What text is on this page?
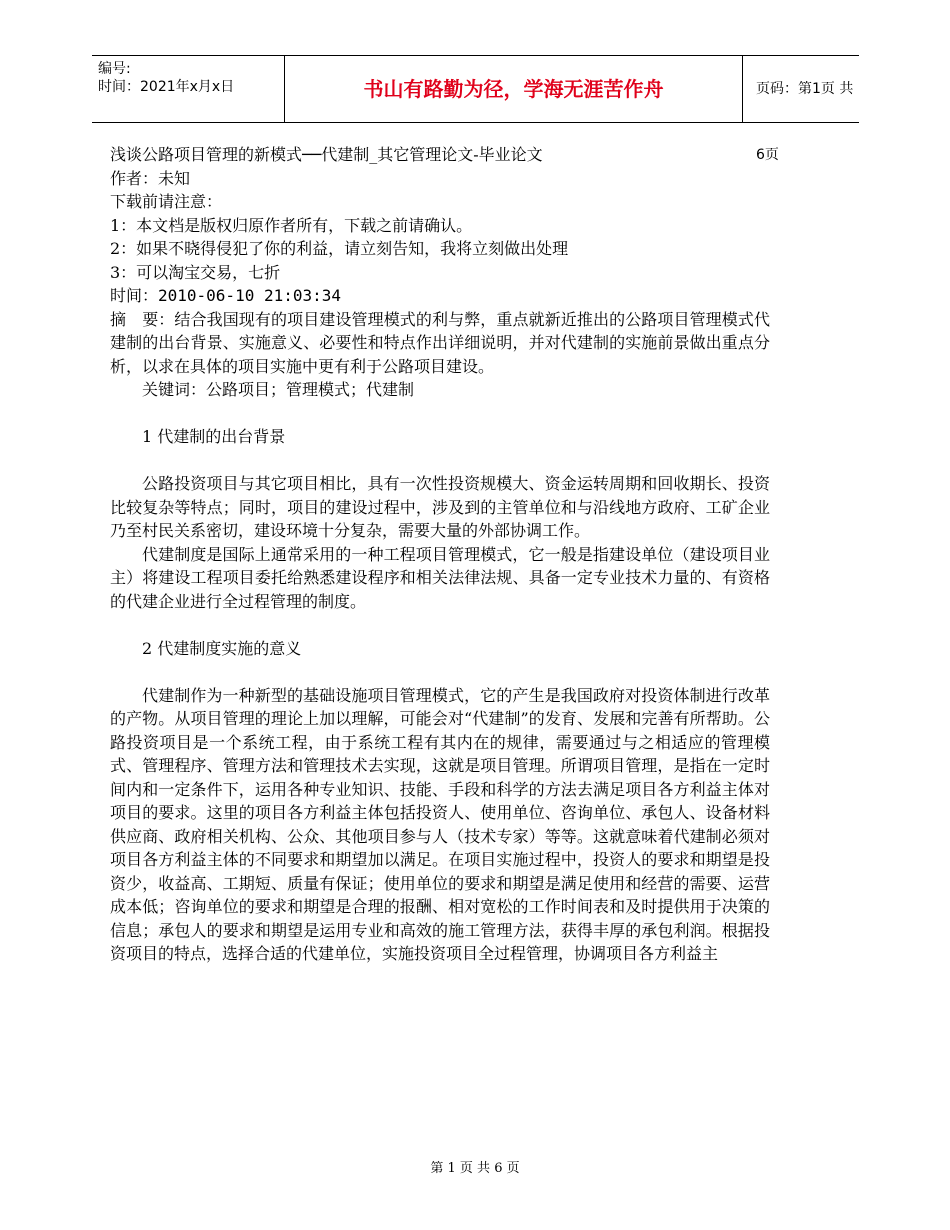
编号:
时间：2021年x月x日	书山有路勤为径，学海无涯苦作舟	页码：第1页 共6页
浅谈公路项目管理的新模式──代建制_其它管理论文-毕业论文
作者：未知
下载前请注意：
1：本文档是版权归原作者所有，下载之前请确认。
2：如果不晓得侵犯了你的利益，请立刻告知，我将立刻做出处理
3：可以淘宝交易，七折
时间：2010-06-10 21:03:34

摘　要：结合我国现有的项目建设管理模式的利与弊，重点就新近推出的公路项目管理模式代建制的出台背景、实施意义、必要性和特点作出详细说明，并对代建制的实施前景做出重点分析，以求在具体的项目实施中更有利于公路项目建设。

关键词：公路项目；管理模式；代建制
1 代建制的出台背景

公路投资项目与其它项目相比，具有一次性投资规模大、资金运转周期和回收期长、投资比较复杂等特点；同时，项目的建设过程中，涉及到的主管单位和与沿线地方政府、工矿企业乃至村民关系密切，建设环境十分复杂，需要大量的外部协调工作。

代建制度是国际上通常采用的一种工程项目管理模式，它一般是指建设单位（建设项目业主）将建设工程项目委托给熟悉建设程序和相关法律法规、具备一定专业技术力量的、有资格的代建企业进行全过程管理的制度。

2 代建制度实施的意义

代建制作为一种新型的基础设施项目管理模式，它的产生是我国政府对投资体制进行改革的产物。从项目管理的理论上加以理解，可能会对“代建制”的发育、发展和完善有所帮助。公路投资项目是一个系统工程，由于系统工程有其内在的规律，需要通过与之相适应的管理模式、管理程序、管理方法和管理技术去实现，这就是项目管理。所谓项目管理，是指在一定时间内和一定条件下，运用各种专业知识、技能、手段和科学的方法去满足项目各方利益主体对项目的要求。这里的项目各方利益主体包括投资人、使用单位、咨询单位、承包人、设备材料供应商、政府相关机构、公众、其他项目参与人（技术专家）等等。这就意味着代建制必须对项目各方利益主体的不同要求和期望加以满足。在项目实施过程中，投资人的要求和期望是投资少，收益高、工期短、质量有保证；使用单位的要求和期望是满足使用和经营的需要、运营成本低；咨询单位的要求和期望是合理的报酬、相对宽松的工作时间表和及时提供用于决策的信息；承包人的要求和期望是运用专业和高效的施工管理方法，获得丰厚的承包利润。根据投资项目的特点，选择合适的代建单位，实施投资项目全过程管理，协调项目各方利益主

第 1 页 共 6 页
